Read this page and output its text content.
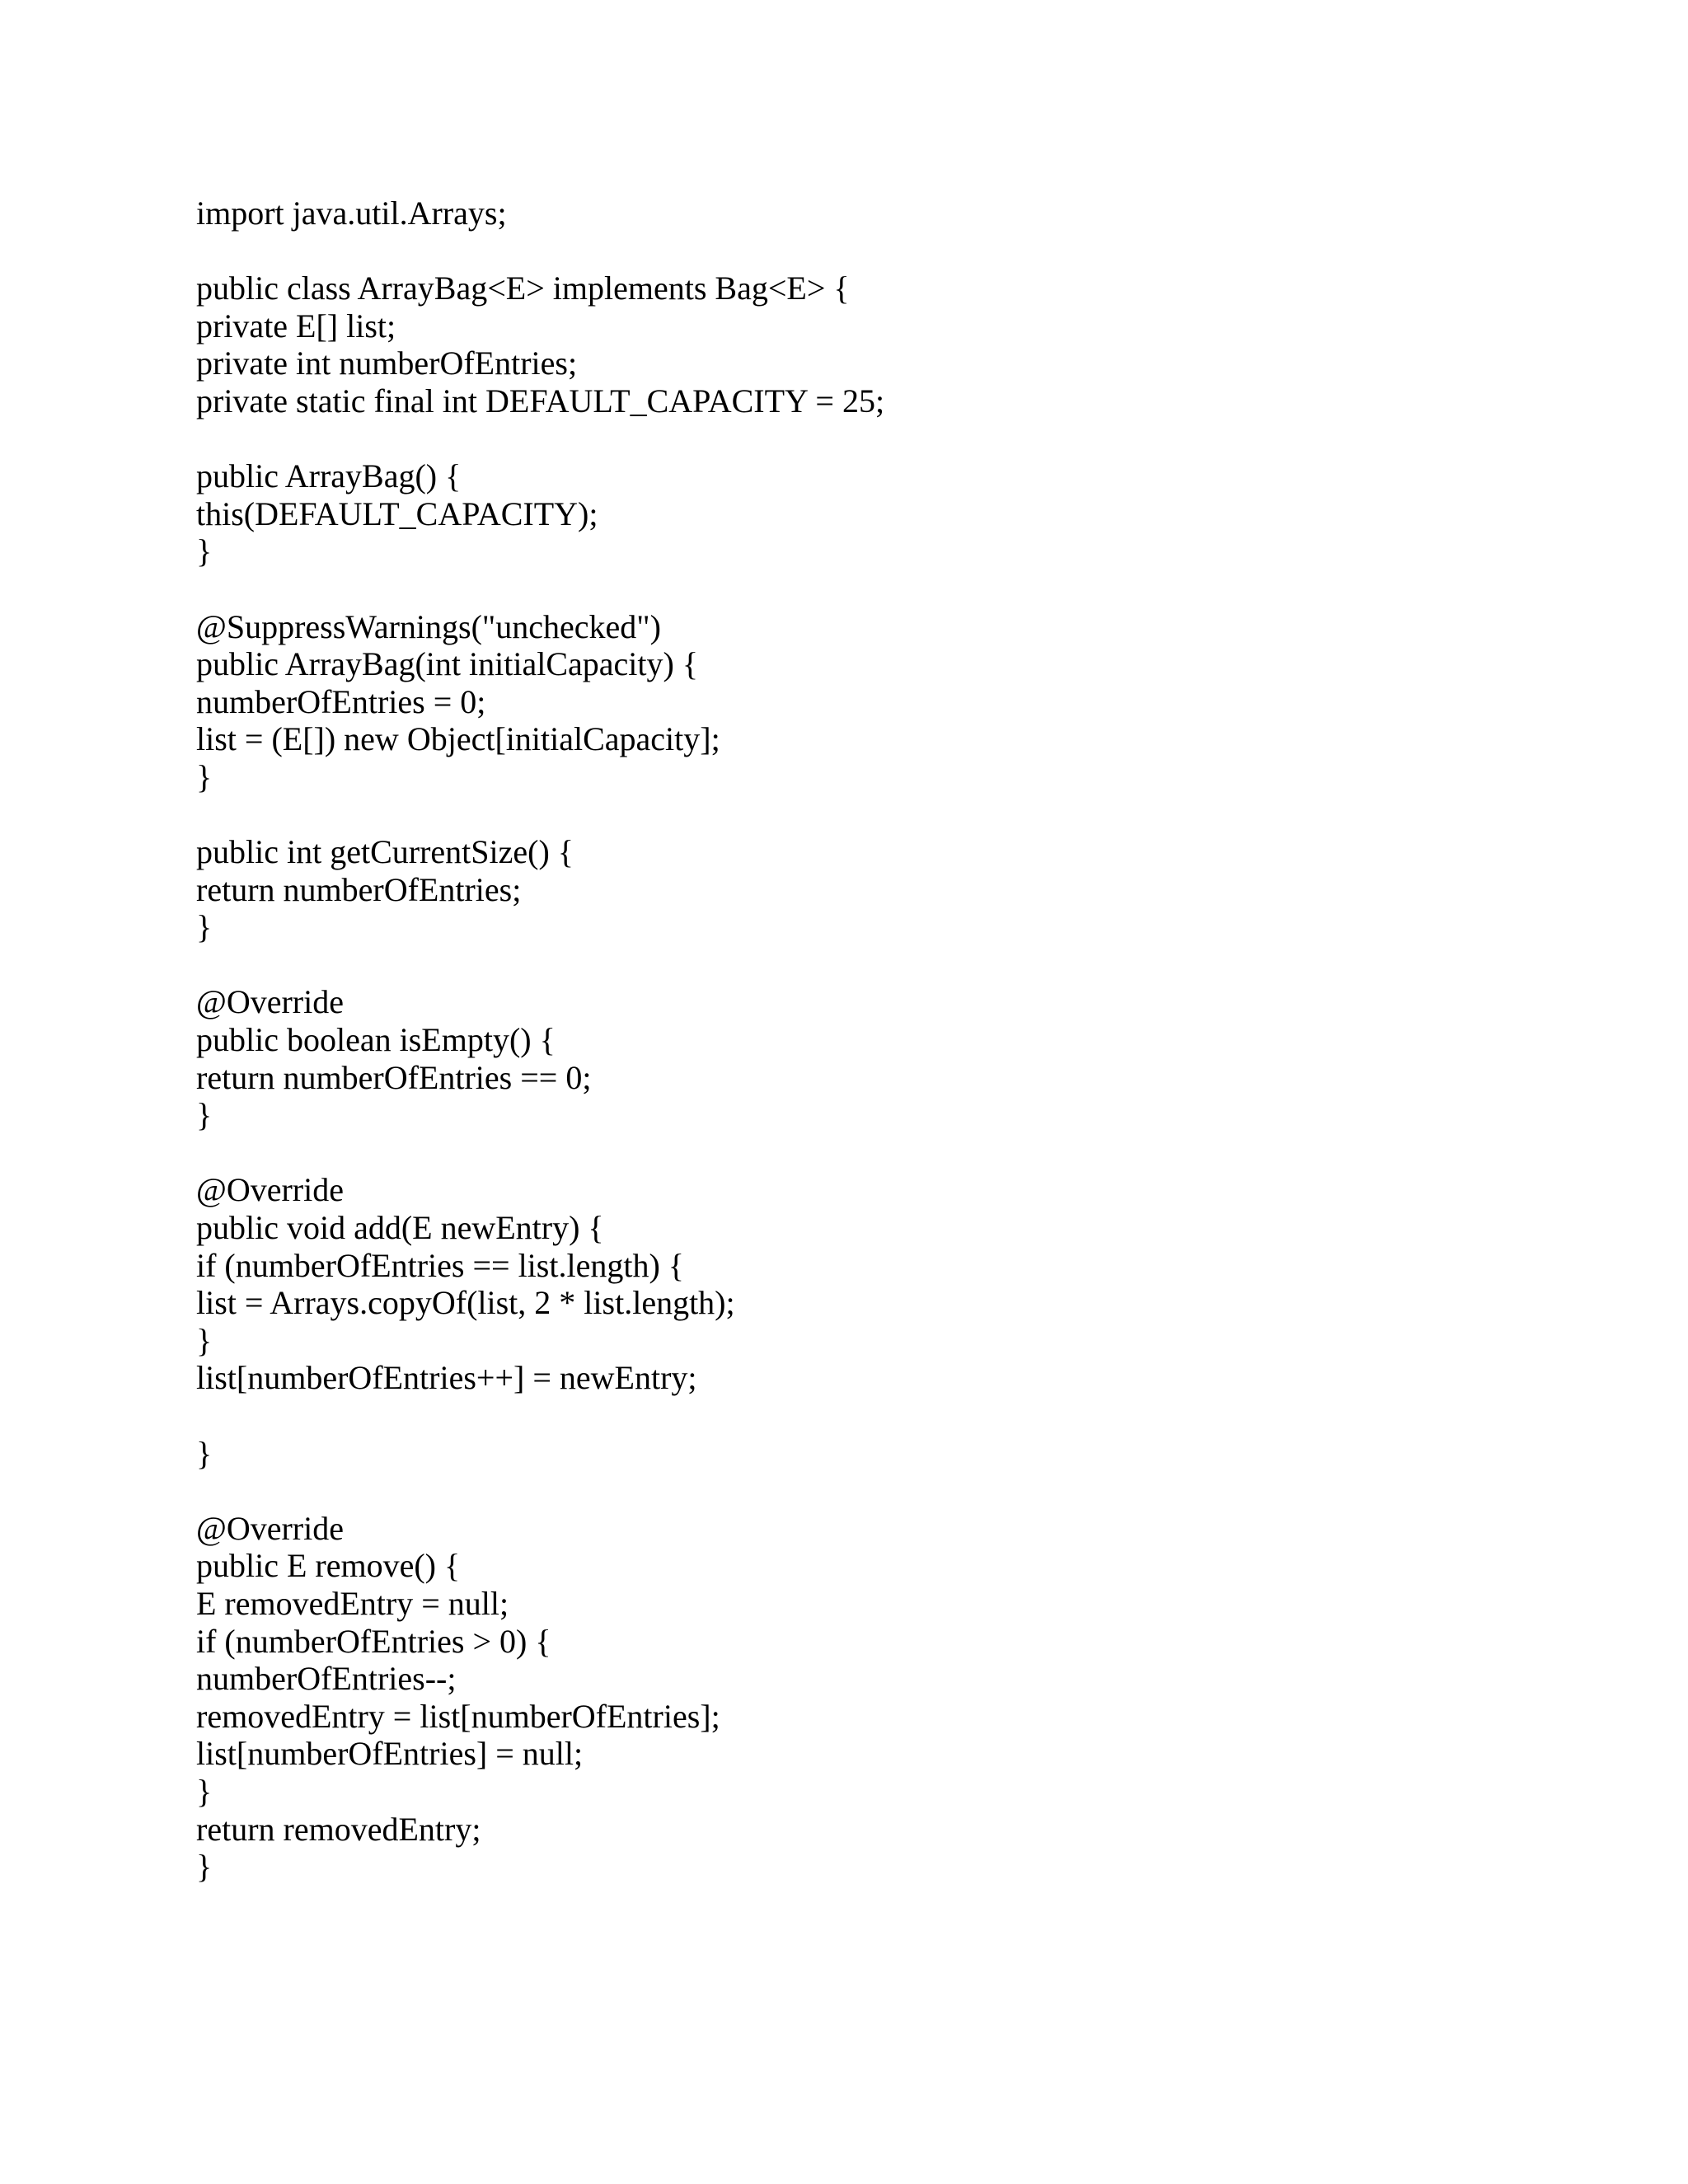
import java.util.Arrays;
public class ArrayBag<E> implements Bag<E> {
private E[] list;
private int numberOfEntries;
private static final int DEFAULT_CAPACITY = 25;
public ArrayBag() {
this(DEFAULT_CAPACITY);
}
@SuppressWarnings("unchecked")
public ArrayBag(int initialCapacity) {
numberOfEntries = 0;
list = (E[]) new Object[initialCapacity];
}
public int getCurrentSize() {
return numberOfEntries;
}
@Override
public boolean isEmpty() {
return numberOfEntries == 0;
}
@Override
public void add(E newEntry) {
if (numberOfEntries == list.length) {
list = Arrays.copyOf(list, 2 * list.length);
}
list[numberOfEntries++] = newEntry;
}
@Override
public E remove() {
E removedEntry = null;
if (numberOfEntries > 0) {
numberOfEntries--;
removedEntry = list[numberOfEntries];
list[numberOfEntries] = null;
}
return removedEntry;
}
